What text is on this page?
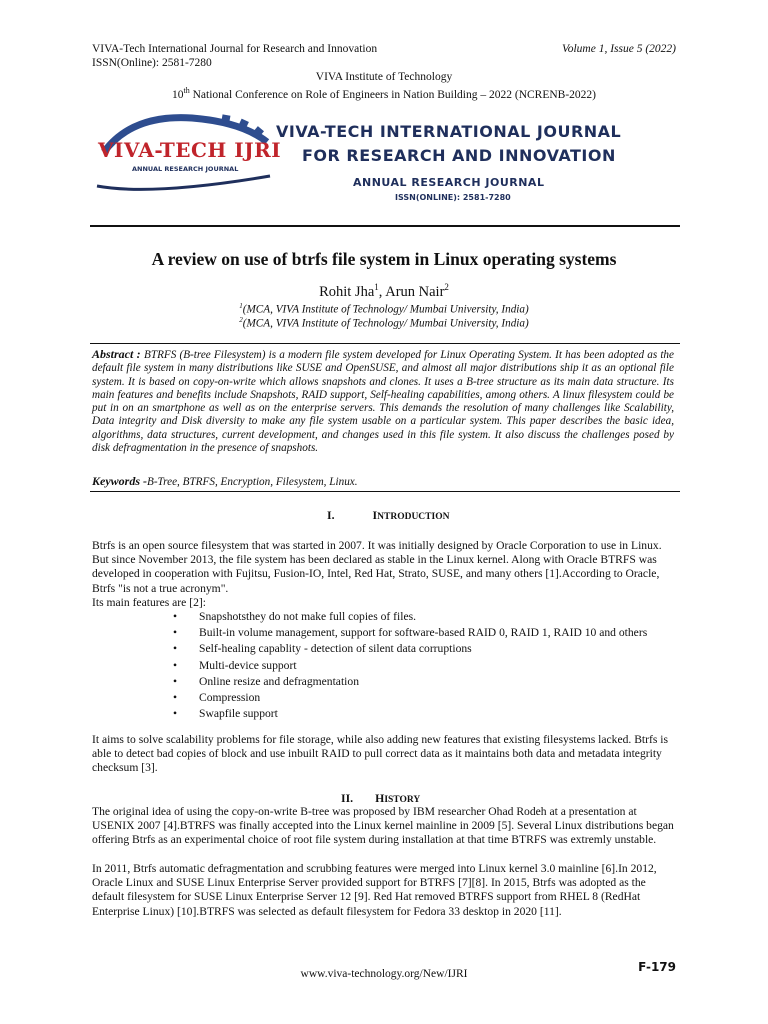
VIVA-Tech International Journal for Research and Innovation	Volume 1, Issue 5 (2022)
ISSN(Online): 2581-7280
VIVA Institute of Technology
10th National Conference on Role of Engineers in Nation Building – 2022 (NCRENB-2022)
VIVA-TECH IJRI
ANNUAL RESEARCH JOURNAL
VIVA-TECH INTERNATIONAL JOURNAL
FOR RESEARCH AND INNOVATION
ANNUAL RESEARCH JOURNAL
ISSN(ONLINE): 2581-7280
A review on use of btrfs file system in Linux operating systems
Rohit Jha$^1$, Arun Nair$^2$
$^1$(MCA, VIVA Institute of Technology/ Mumbai University, India)
$^2$(MCA, VIVA Institute of Technology/ Mumbai University, India)
Abstract : BTRFS (B-tree Filesystem) is a modern file system developed for Linux Operating System. It has been adopted as the default file system in many distributions like SUSE and OpenSUSE, and almost all major distributions ship it as an optional file system. It is based on copy-on-write which allows snapshots and clones. It uses a B-tree structure as its main data structure. Its main features and benefits include Snapshots, RAID support, Self-healing capabilities, among others. A linux filesystem could be put in on an smartphone as well as on the enterprise servers. This demands the resolution of many challenges like Scalability, Data integrity and Disk diversity to make any file system usable on a particular system. This paper describes the basic idea, algorithms, data structures, current development, and changes used in this file system. It also discuss the challenges posed by disk defragmentation in the presence of snapshots.
Keywords -B-Tree, BTRFS, Encryption, Filesystem, Linux.
I.	INTRODUCTION
Btrfs is an open source filesystem that was started in 2007. It was initially designed by Oracle Corporation to use in Linux. But since November 2013, the file system has been declared as stable in the Linux kernel. Along with Oracle BTRFS was developed in cooperation with Fujitsu, Fusion-IO, Intel, Red Hat, Strato, SUSE, and many others [1].According to Oracle, Btrfs "is not a true acronym".
Its main features are [2]:
• Snapshotsthey do not make full copies of files.
• Built-in volume management, support for software-based RAID 0, RAID 1, RAID 10 and others
• Self-healing capablity - detection of silent data corruptions
• Multi-device support
• Online resize and defragmentation
• Compression
• Swapfile support
It aims to solve scalability problems for file storage, while also adding new features that existing filesystems lacked. Btrfs is able to detect bad copies of block and use inbuilt RAID to pull correct data as it maintains both data and metadata integrity checksum [3].
II. HISTORY
The original idea of using the copy-on-write B-tree was proposed by IBM researcher Ohad Rodeh at a presentation at USENIX 2007 [4].BTRFS was finally accepted into the Linux kernel mainline in 2009 [5]. Several Linux distributions began offering Btrfs as an experimental choice of root file system during installation at that time BTRFS was extremly unstable.
In 2011, Btrfs automatic defragmentation and scrubbing features were merged into Linux kernel 3.0 mainline [6].In 2012, Oracle Linux and SUSE Linux Enterprise Server provided support for BTRFS [7][8]. In 2015, Btrfs was adopted as the default filesystem for SUSE Linux Enterprise Server 12 [9]. Red Hat removed BTRFS support from RHEL 8 (RedHat Enterprise Linux) [10].BTRFS was selected as default filesystem for Fedora 33 desktop in 2020 [11].
F-179
www.viva-technology.org/New/IJRI
